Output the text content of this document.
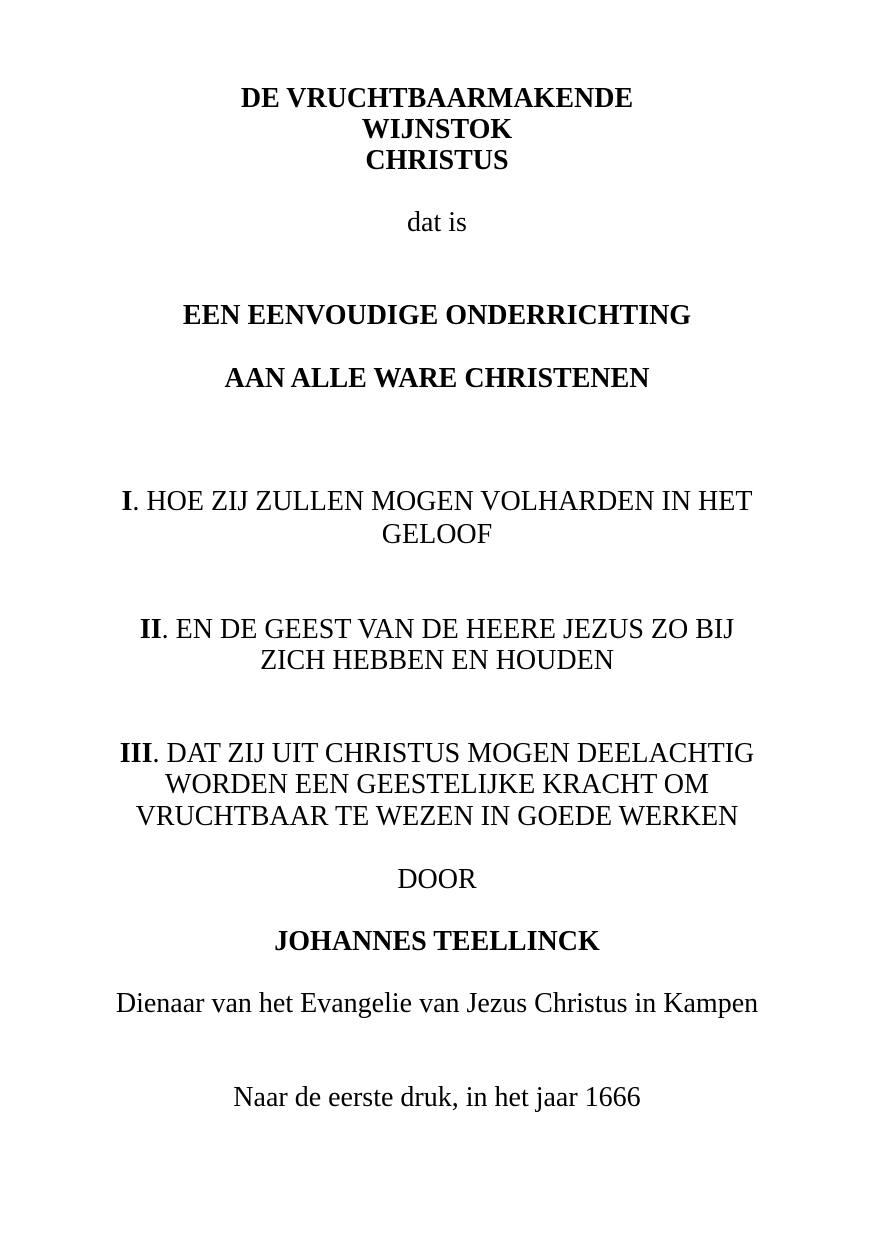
DE VRUCHTBAARMAKENDE
WIJNSTOK
CHRISTUS
dat is
EEN EENVOUDIGE ONDERRICHTING
AAN ALLE WARE CHRISTENEN
I. HOE ZIJ ZULLEN MOGEN VOLHARDEN IN HET
GELOOF
II. EN DE GEEST VAN DE HEERE JEZUS ZO BIJ
ZICH HEBBEN EN HOUDEN
III. DAT ZIJ UIT CHRISTUS MOGEN DEELACHTIG
WORDEN EEN GEESTELIJKE KRACHT OM
VRUCHTBAAR TE WEZEN IN GOEDE WERKEN
DOOR
JOHANNES TEELLINCK
Dienaar van het Evangelie van Jezus Christus in Kampen
Naar de eerste druk, in het jaar 1666
